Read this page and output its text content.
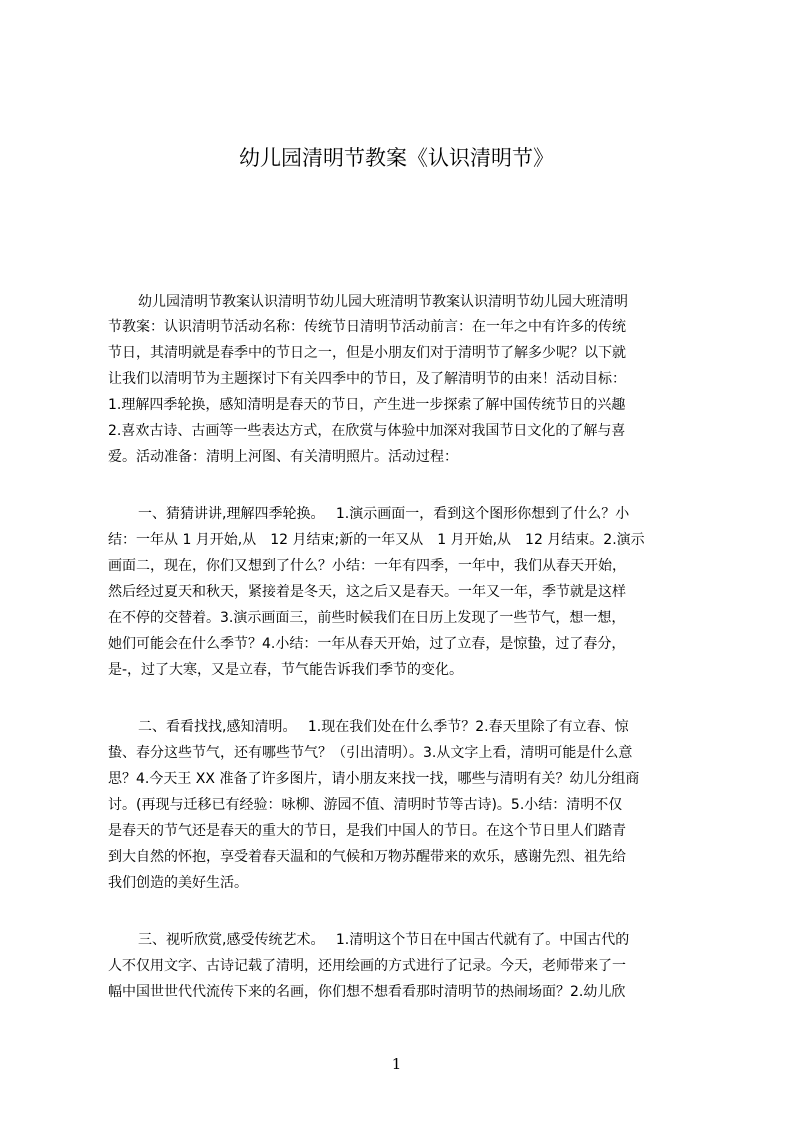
幼儿园清明节教案《认识清明节》
幼儿园清明节教案认识清明节幼儿园大班清明节教案认识清明节幼儿园大班清明
节教案：认识清明节活动名称：传统节日清明节活动前言：在一年之中有许多的传统
节日，其清明就是春季中的节日之一，但是小朋友们对于清明节了解多少呢？以下就
让我们以清明节为主题探讨下有关四季中的节日，及了解清明节的由来！活动目标：
1.理解四季轮换，感知清明是春天的节日，产生进一步探索了解中国传统节日的兴趣
2.喜欢古诗、古画等一些表达方式，在欣赏与体验中加深对我国节日文化的了解与喜
爱。活动准备：清明上河图、有关清明照片。活动过程：
一、猜猜讲讲,理解四季轮换。　 1.演示画面一，看到这个图形你想到了什么？小
结：一年从 1 月开始,从　12 月结束;新的一年又从　1 月开始,从　12 月结束。2.演示
画面二，现在，你们又想到了什么？小结：一年有四季，一年中，我们从春天开始，
然后经过夏天和秋天，紧接着是冬天，这之后又是春天。一年又一年，季节就是这样
在不停的交替着。3.演示画面三，前些时候我们在日历上发现了一些节气，想一想，
她们可能会在什么季节？4.小结：一年从春天开始，过了立春，是惊蛰，过了春分，
是-，过了大寒，又是立春，节气能告诉我们季节的变化。
二、看看找找,感知清明。　 1.现在我们处在什么季节？2.春天里除了有立春、惊
蛰、春分这些节气，还有哪些节气？（引出清明）。3.从文字上看，清明可能是什么意
思？4.今天王 XX 准备了许多图片，请小朋友来找一找，哪些与清明有关？幼儿分组商
讨。(再现与迁移已有经验：咏柳、游园不值、清明时节等古诗)。5.小结：清明不仅
是春天的节气还是春天的重大的节日，是我们中国人的节日。在这个节日里人们踏青
到大自然的怀抱，享受着春天温和的气候和万物苏醒带来的欢乐，感谢先烈、祖先给
我们创造的美好生活。
三、视听欣赏,感受传统艺术。　 1.清明这个节日在中国古代就有了。中国古代的
人不仅用文字、古诗记载了清明，还用绘画的方式进行了记录。今天，老师带来了一
幅中国世世代代流传下来的名画，你们想不想看看那时清明节的热闹场面？2.幼儿欣
1
